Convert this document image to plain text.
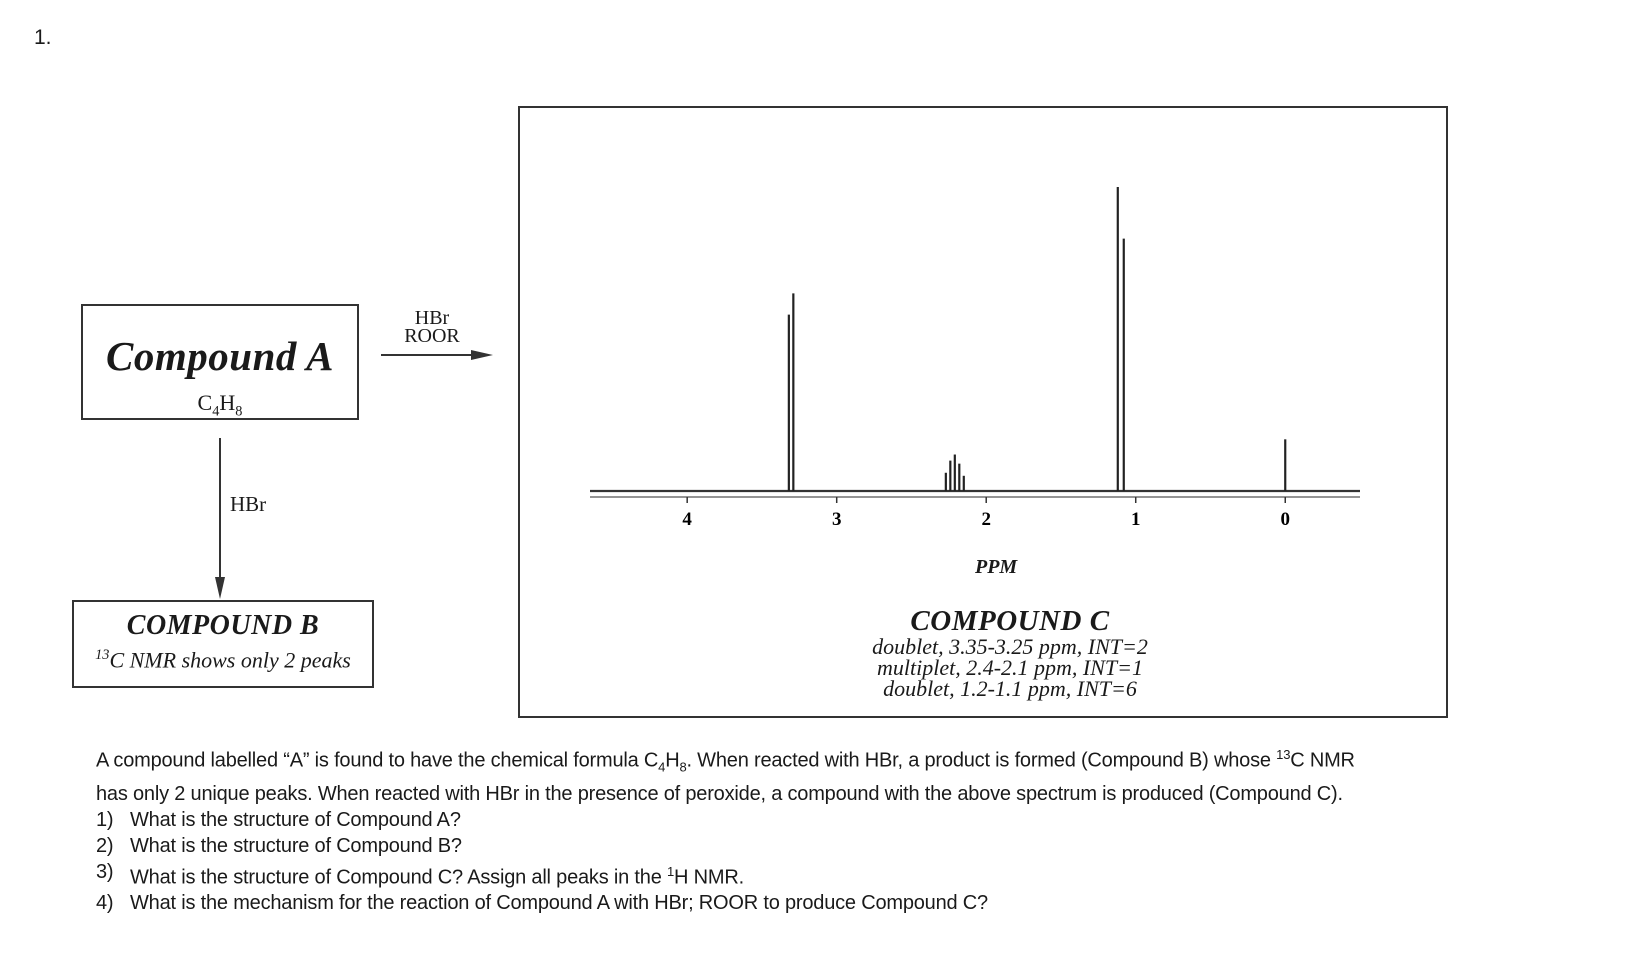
1.
Compound A
$C_4H_8$
HBr
ROOR
HBr
COMPOUND B
$^{13}$C NMR shows only 2 peaks
4	3	2	1	0
PPM
COMPOUND C
doublet, 3.35-3.25 ppm, INT=2
multiplet, 2.4-2.1 ppm, INT=1
doublet, 1.2-1.1 ppm, INT=6

A compound labelled “A” is found to have the chemical formula $C_4H_8$. When reacted with HBr, a product is formed (Compound B) whose $^{13}$C NMR has only 2 unique peaks. When reacted with HBr in the presence of peroxide, a compound with the above spectrum is produced (Compound C).

1) What is the structure of Compound A?
2) What is the structure of Compound B?
3) What is the structure of Compound C? Assign all peaks in the $^1$H NMR.
4) What is the mechanism for the reaction of Compound A with HBr; ROOR to produce Compound C?
